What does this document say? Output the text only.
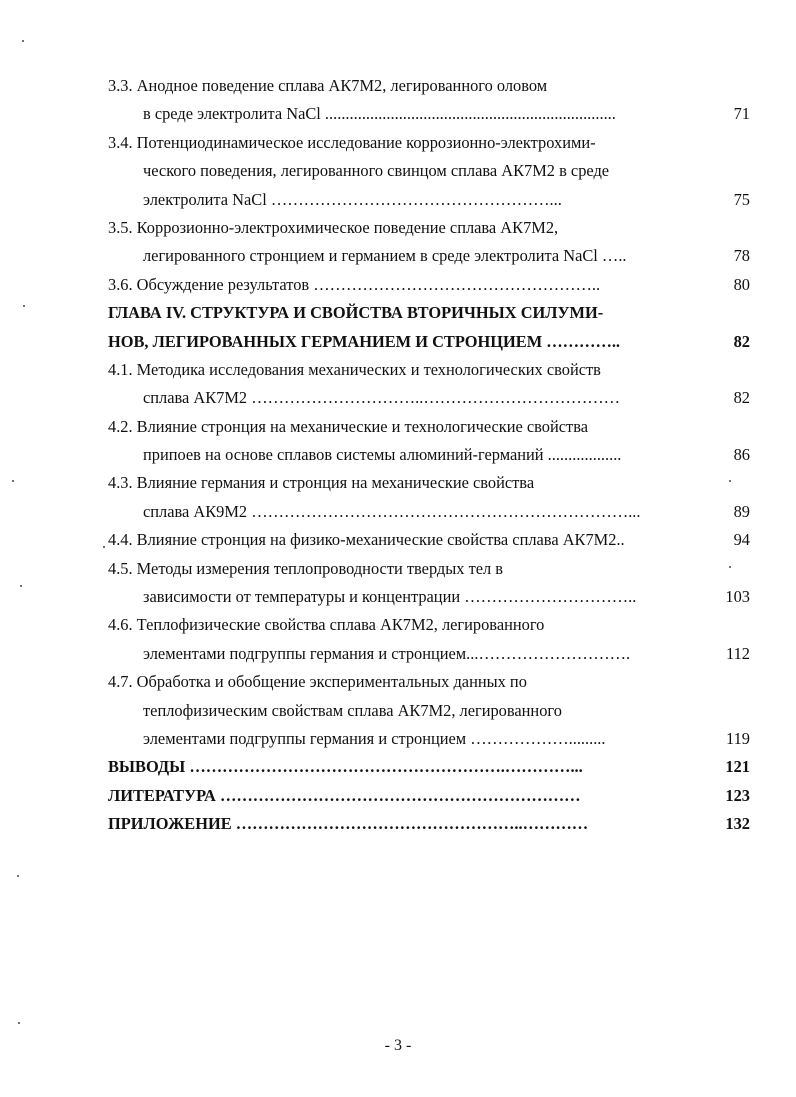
3.3. Анодное поведение сплава АК7М2, легированного оловом
в среде электролита NaCl .......................................................................	71
3.4. Потенциодинамическое исследование коррозионно-электрохими-
ческого поведения, легированного свинцом сплава АК7М2 в среде
электролита NaCl ……………………………………………...	75
3.5. Коррозионно-электрохимическое поведение сплава АК7М2,
легированного стронцием и германием в среде электролита NaCl …..	78
3.6. Обсуждение результатов ……………………………………………..	80
ГЛАВА IV. СТРУКТУРА И СВОЙСТВА ВТОРИЧНЫХ СИЛУМИ-
НОВ, ЛЕГИРОВАННЫХ ГЕРМАНИЕМ И СТРОНЦИЕМ …………..	82
4.1. Методика исследования механических и технологических свойств
сплава АК7М2 …………………………..………………………………	82
4.2. Влияние стронция на механические и технологические свойства
припоев на основе сплавов системы алюминий-германий ..................	86
4.3. Влияние германия и стронция на механические свойства
сплава АК9М2 ……………………………………………………………...	89
4.4. Влияние стронция на физико-механические свойства сплава АК7М2..	94
4.5. Методы измерения теплопроводности твердых тел в
зависимости от температуры и концентрации …………………………..	103
4.6. Теплофизические свойства сплава АК7М2, легированного
элементами подгруппы германия и стронцием...……………………….	112
4.7. Обработка и обобщение экспериментальных данных по
теплофизическим свойствам сплава АК7М2, легированного
элементами подгруппы германия и стронцием ……………….........	119
ВЫВОДЫ ………………………………………………….…………...	121
ЛИТЕРАТУРА …………………………………………………………	123
ПРИЛОЖЕНИЕ ……………………………………………..…………	132
- 3 -
